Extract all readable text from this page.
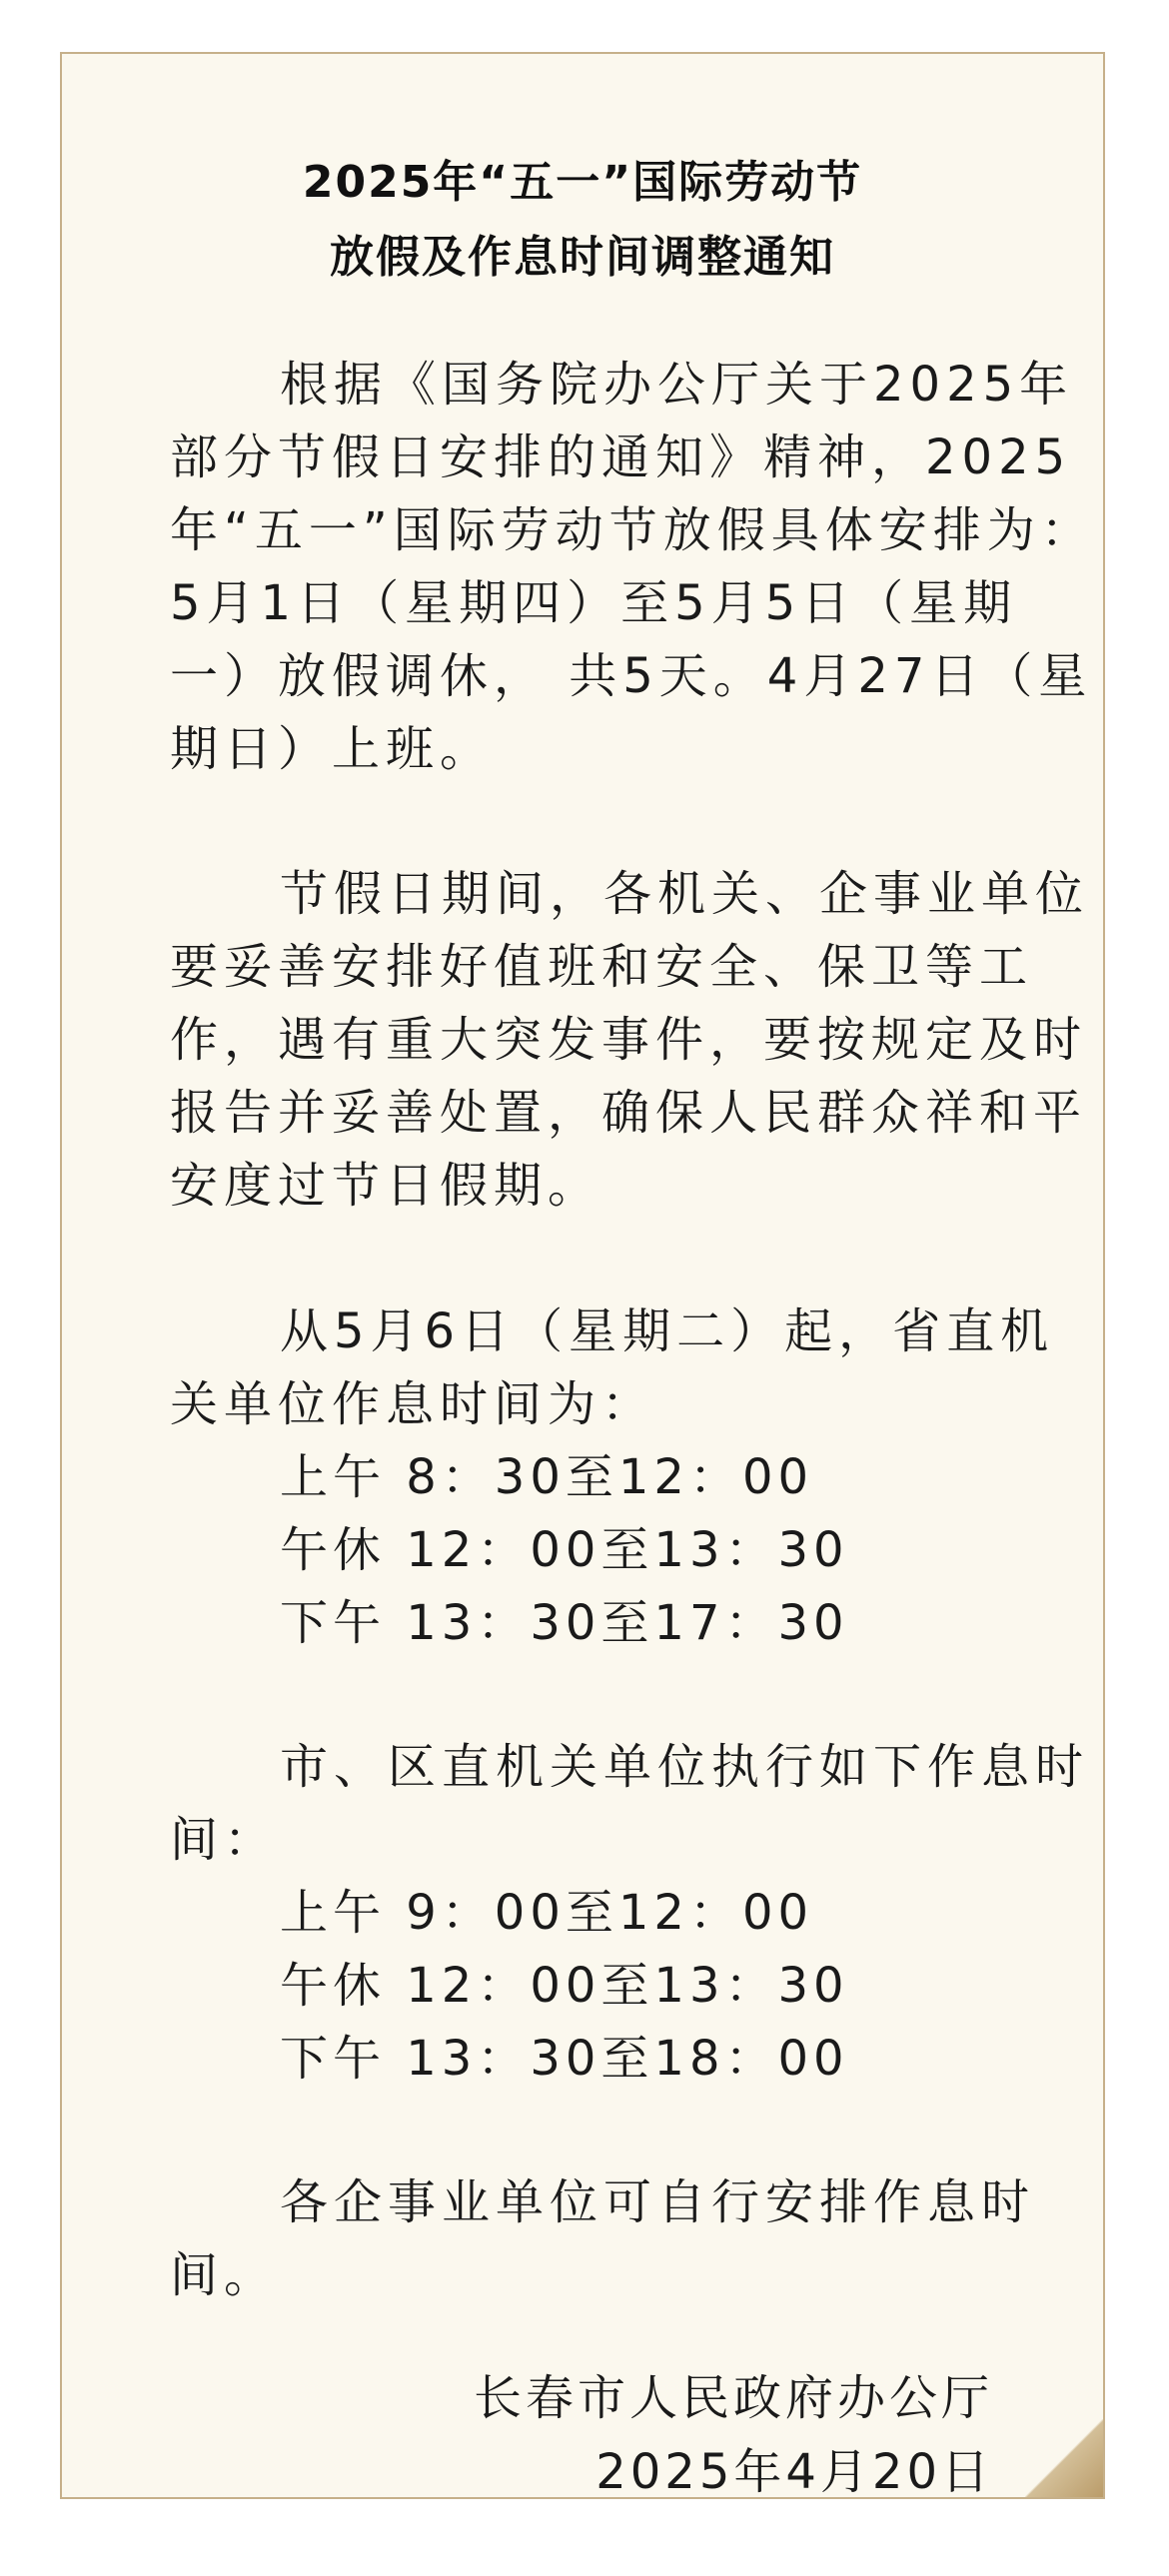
2025年“五一”国际劳动节
放假及作息时间调整通知
根据《国务院办公厅关于2025年
部分节假日安排的通知》精神，2025
年“五一”国际劳动节放假具体安排为：
5月1日（星期四）至5月5日（星期
一）放假调休， 共5天。4月27日（星
期日）上班。
节假日期间，各机关、企事业单位
要妥善安排好值班和安全、保卫等工
作，遇有重大突发事件，要按规定及时
报告并妥善处置，确保人民群众祥和平
安度过节日假期。
从5月6日（星期二）起，省直机
关单位作息时间为：
上午 8：30至12：00
午休 12：00至13：30
下午 13：30至17：30
市、区直机关单位执行如下作息时
间：
上午 9：00至12：00
午休 12：00至13：30
下午 13：30至18：00
各企事业单位可自行安排作息时
间。
长春市人民政府办公厅
2025年4月20日
